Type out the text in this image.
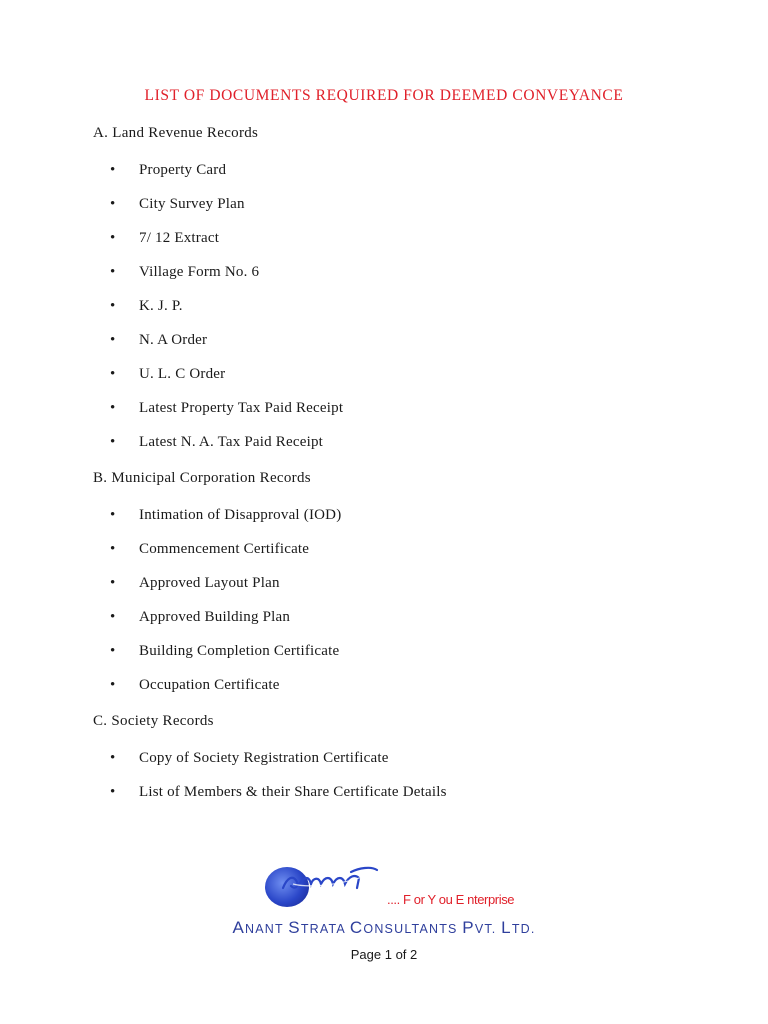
LIST OF DOCUMENTS REQUIRED FOR DEEMED CONVEYANCE
A. Land Revenue Records
• Property Card
• City Survey Plan
• 7/ 12 Extract
• Village Form No. 6
• K. J. P.
• N. A Order
• U. L. C Order
• Latest Property Tax Paid Receipt
• Latest N. A. Tax Paid Receipt
B. Municipal Corporation Records
• Intimation of Disapproval (IOD)
• Commencement Certificate
• Approved Layout Plan
• Approved Building Plan
• Building Completion Certificate
• Occupation Certificate
C. Society Records
• Copy of Society Registration Certificate
• List of Members & their Share Certificate Details
.... F or Y ou E nterprise
ANANT STRATA CONSULTANTS PVT. LTD.
Page 1 of 2
